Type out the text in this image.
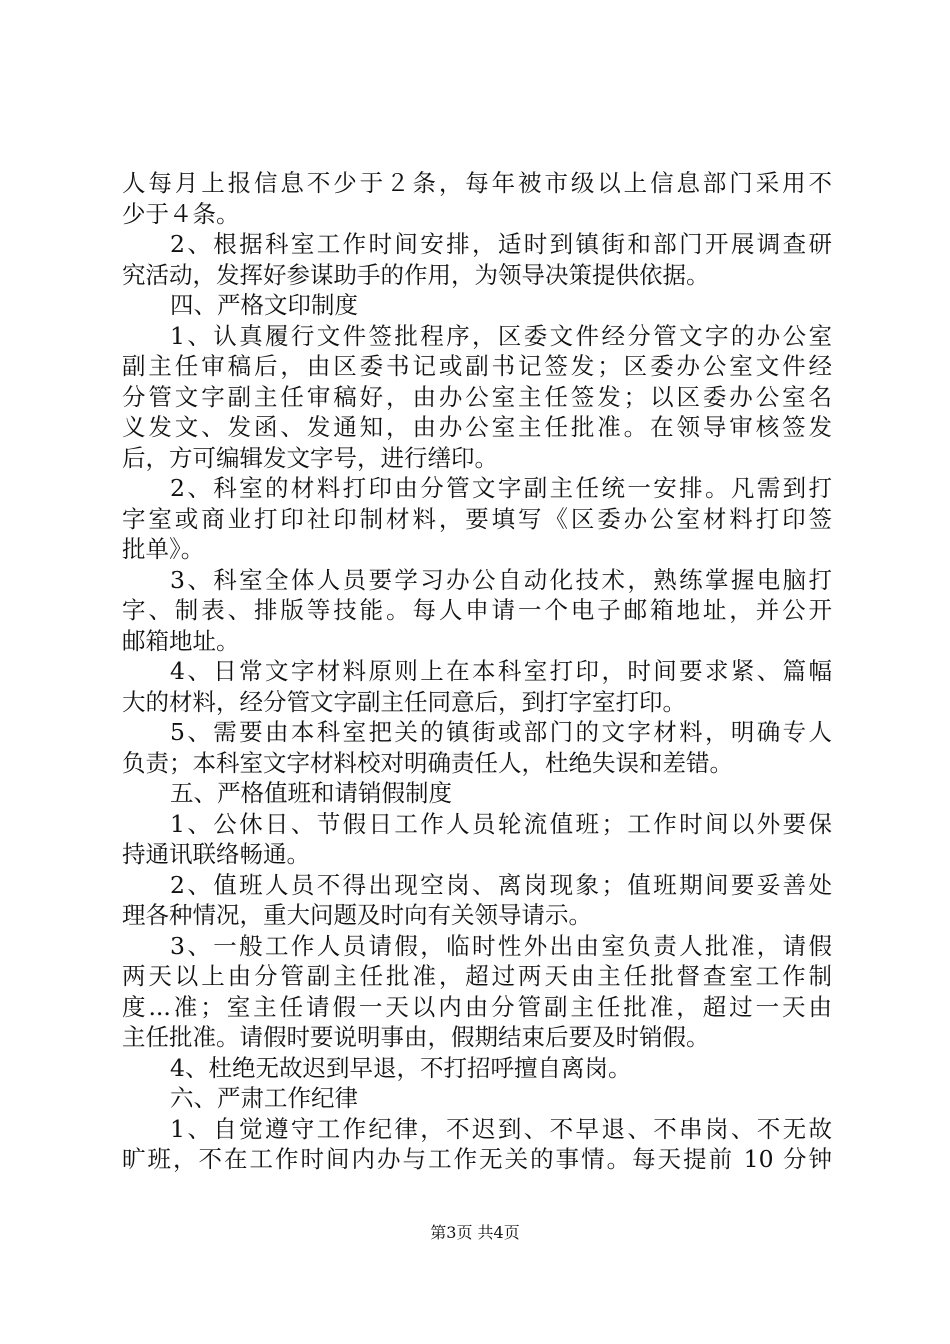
人每月上报信息不少于２条，每年被市级以上信息部门采用不
少于４条。
2、根据科室工作时间安排，适时到镇街和部门开展调查研
究活动，发挥好参谋助手的作用，为领导决策提供依据。
四、严格文印制度
1、认真履行文件签批程序，区委文件经分管文字的办公室
副主任审稿后，由区委书记或副书记签发；区委办公室文件经
分管文字副主任审稿好，由办公室主任签发；以区委办公室名
义发文、发函、发通知，由办公室主任批准。在领导审核签发
后，方可编辑发文字号，进行缮印。
2、科室的材料打印由分管文字副主任统一安排。凡需到打
字室或商业打印社印制材料，要填写《区委办公室材料打印签
批单》。
3、科室全体人员要学习办公自动化技术，熟练掌握电脑打
字、制表、排版等技能。每人申请一个电子邮箱地址，并公开
邮箱地址。
4、日常文字材料原则上在本科室打印，时间要求紧、篇幅
大的材料，经分管文字副主任同意后，到打字室打印。
5、需要由本科室把关的镇街或部门的文字材料，明确专人
负责；本科室文字材料校对明确责任人，杜绝失误和差错。
五、严格值班和请销假制度
1、公休日、节假日工作人员轮流值班；工作时间以外要保
持通讯联络畅通。
2、值班人员不得出现空岗、离岗现象；值班期间要妥善处
理各种情况，重大问题及时向有关领导请示。
3、一般工作人员请假，临时性外出由室负责人批准，请假
两天以上由分管副主任批准，超过两天由主任批督查室工作制
度...准；室主任请假一天以内由分管副主任批准，超过一天由
主任批准。请假时要说明事由，假期结束后要及时销假。
4、杜绝无故迟到早退，不打招呼擅自离岗。
六、严肃工作纪律
1、自觉遵守工作纪律，不迟到、不早退、不串岗、不无故
旷班，不在工作时间内办与工作无关的事情。每天提前 10 分钟
第3页 共4页
